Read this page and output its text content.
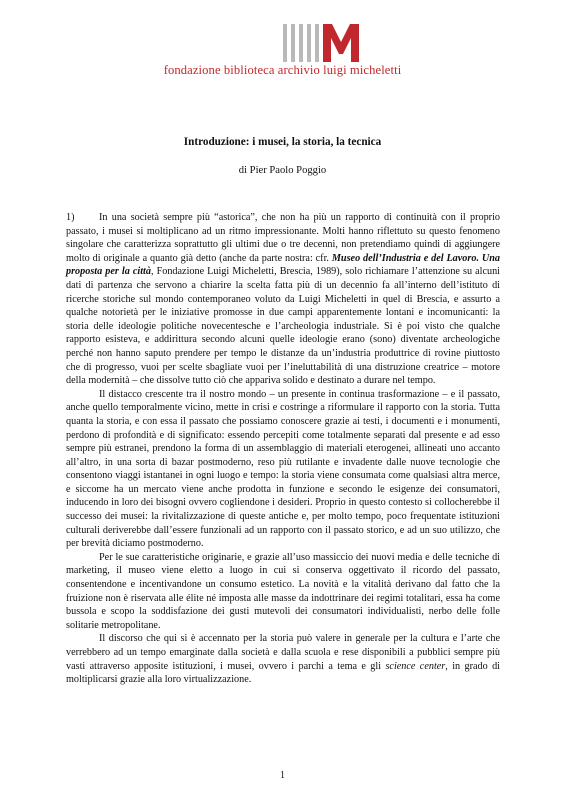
fondazione biblioteca archivio luigi micheletti
Introduzione: i musei, la storia, la tecnica
di Pier Paolo Poggio

1) In una società sempre più “astorica”, che non ha più un rapporto di continuità con il proprio passato, i musei si moltiplicano ad un ritmo impressionante. Molti hanno riflettuto su questo fenomeno singolare che caratterizza soprattutto gli ultimi due o tre decenni, non pretendiamo quindi di aggiungere molto di originale a quanto già detto (anche da parte nostra: cfr. Museo dell’Industria e del Lavoro. Una proposta per la città, Fondazione Luigi Micheletti, Brescia, 1989), solo richiamare l’attenzione su alcuni dati di partenza che servono a chiarire la scelta fatta più di un decennio fa all’interno dell’istituto di ricerche storiche sul mondo contemporaneo voluto da Luigi Micheletti in quel di Brescia, e assurto a qualche notorietà per le iniziative promosse in due campi apparentemente lontani e incomunicanti: la storia delle ideologie politiche novecentesche e l’archeologia industriale. Si è poi visto che qualche rapporto esisteva, e addirittura secondo alcuni quelle ideologie erano (sono) diventate archeologiche perché non hanno saputo prendere per tempo le distanze da un’industria produttrice di rovine piuttosto che di progresso, vuoi per scelte sbagliate vuoi per l’ineluttabilità di una distruzione creatrice – motore della modernità – che dissolve tutto ciò che appariva solido e destinato a durare nel tempo.

Il distacco crescente tra il nostro mondo – un presente in continua trasformazione – e il passato, anche quello temporalmente vicino, mette in crisi e costringe a riformulare il rapporto con la storia. Tutta quanta la storia, e con essa il passato che possiamo conoscere grazie ai testi, i documenti e i monumenti, perdono di profondità e di significato: essendo percepiti come totalmente separati dal presente e ad esso sempre più estranei, prendono la forma di un assemblaggio di materiali eterogenei, allineati uno accanto all’altro, in una sorta di bazar postmoderno, reso più rutilante e invadente dalle nuove tecnologie che consentono viaggi istantanei in ogni luogo e tempo: la storia viene consumata come qualsiasi altra merce, e siccome ha un mercato viene anche prodotta in funzione e secondo le esigenze dei consumatori, inducendo in loro dei bisogni ovvero cogliendone i desideri. Proprio in questo contesto si collocherebbe il successo dei musei: la rivitalizzazione di queste antiche e, per molto tempo, poco frequentate istituzioni culturali deriverebbe dall’essere funzionali ad un rapporto con il passato storico, e ad un suo utilizzo, che per brevità diciamo postmoderno.

Per le sue caratteristiche originarie, e grazie all’uso massiccio dei nuovi media e delle tecniche di marketing, il museo viene eletto a luogo in cui si conserva oggettivato il ricordo del passato, consentendone e incentivandone un consumo estetico. La novità e la vitalità derivano dal fatto che la fruizione non è riservata alle élite né imposta alle masse da indottrinare dei regimi totalitari, essa ha come bussola e scopo la soddisfazione dei gusti mutevoli dei consumatori individualisti, nerbo delle folle solitarie metropolitane.

Il discorso che qui si è accennato per la storia può valere in generale per la cultura e l’arte che verrebbero ad un tempo emarginate dalla società e dalla scuola e rese disponibili a pubblici sempre più vasti attraverso apposite istituzioni, i musei, ovvero i parchi a tema e gli science center, in grado di moltiplicarsi grazie alla loro virtualizzazione.

1
